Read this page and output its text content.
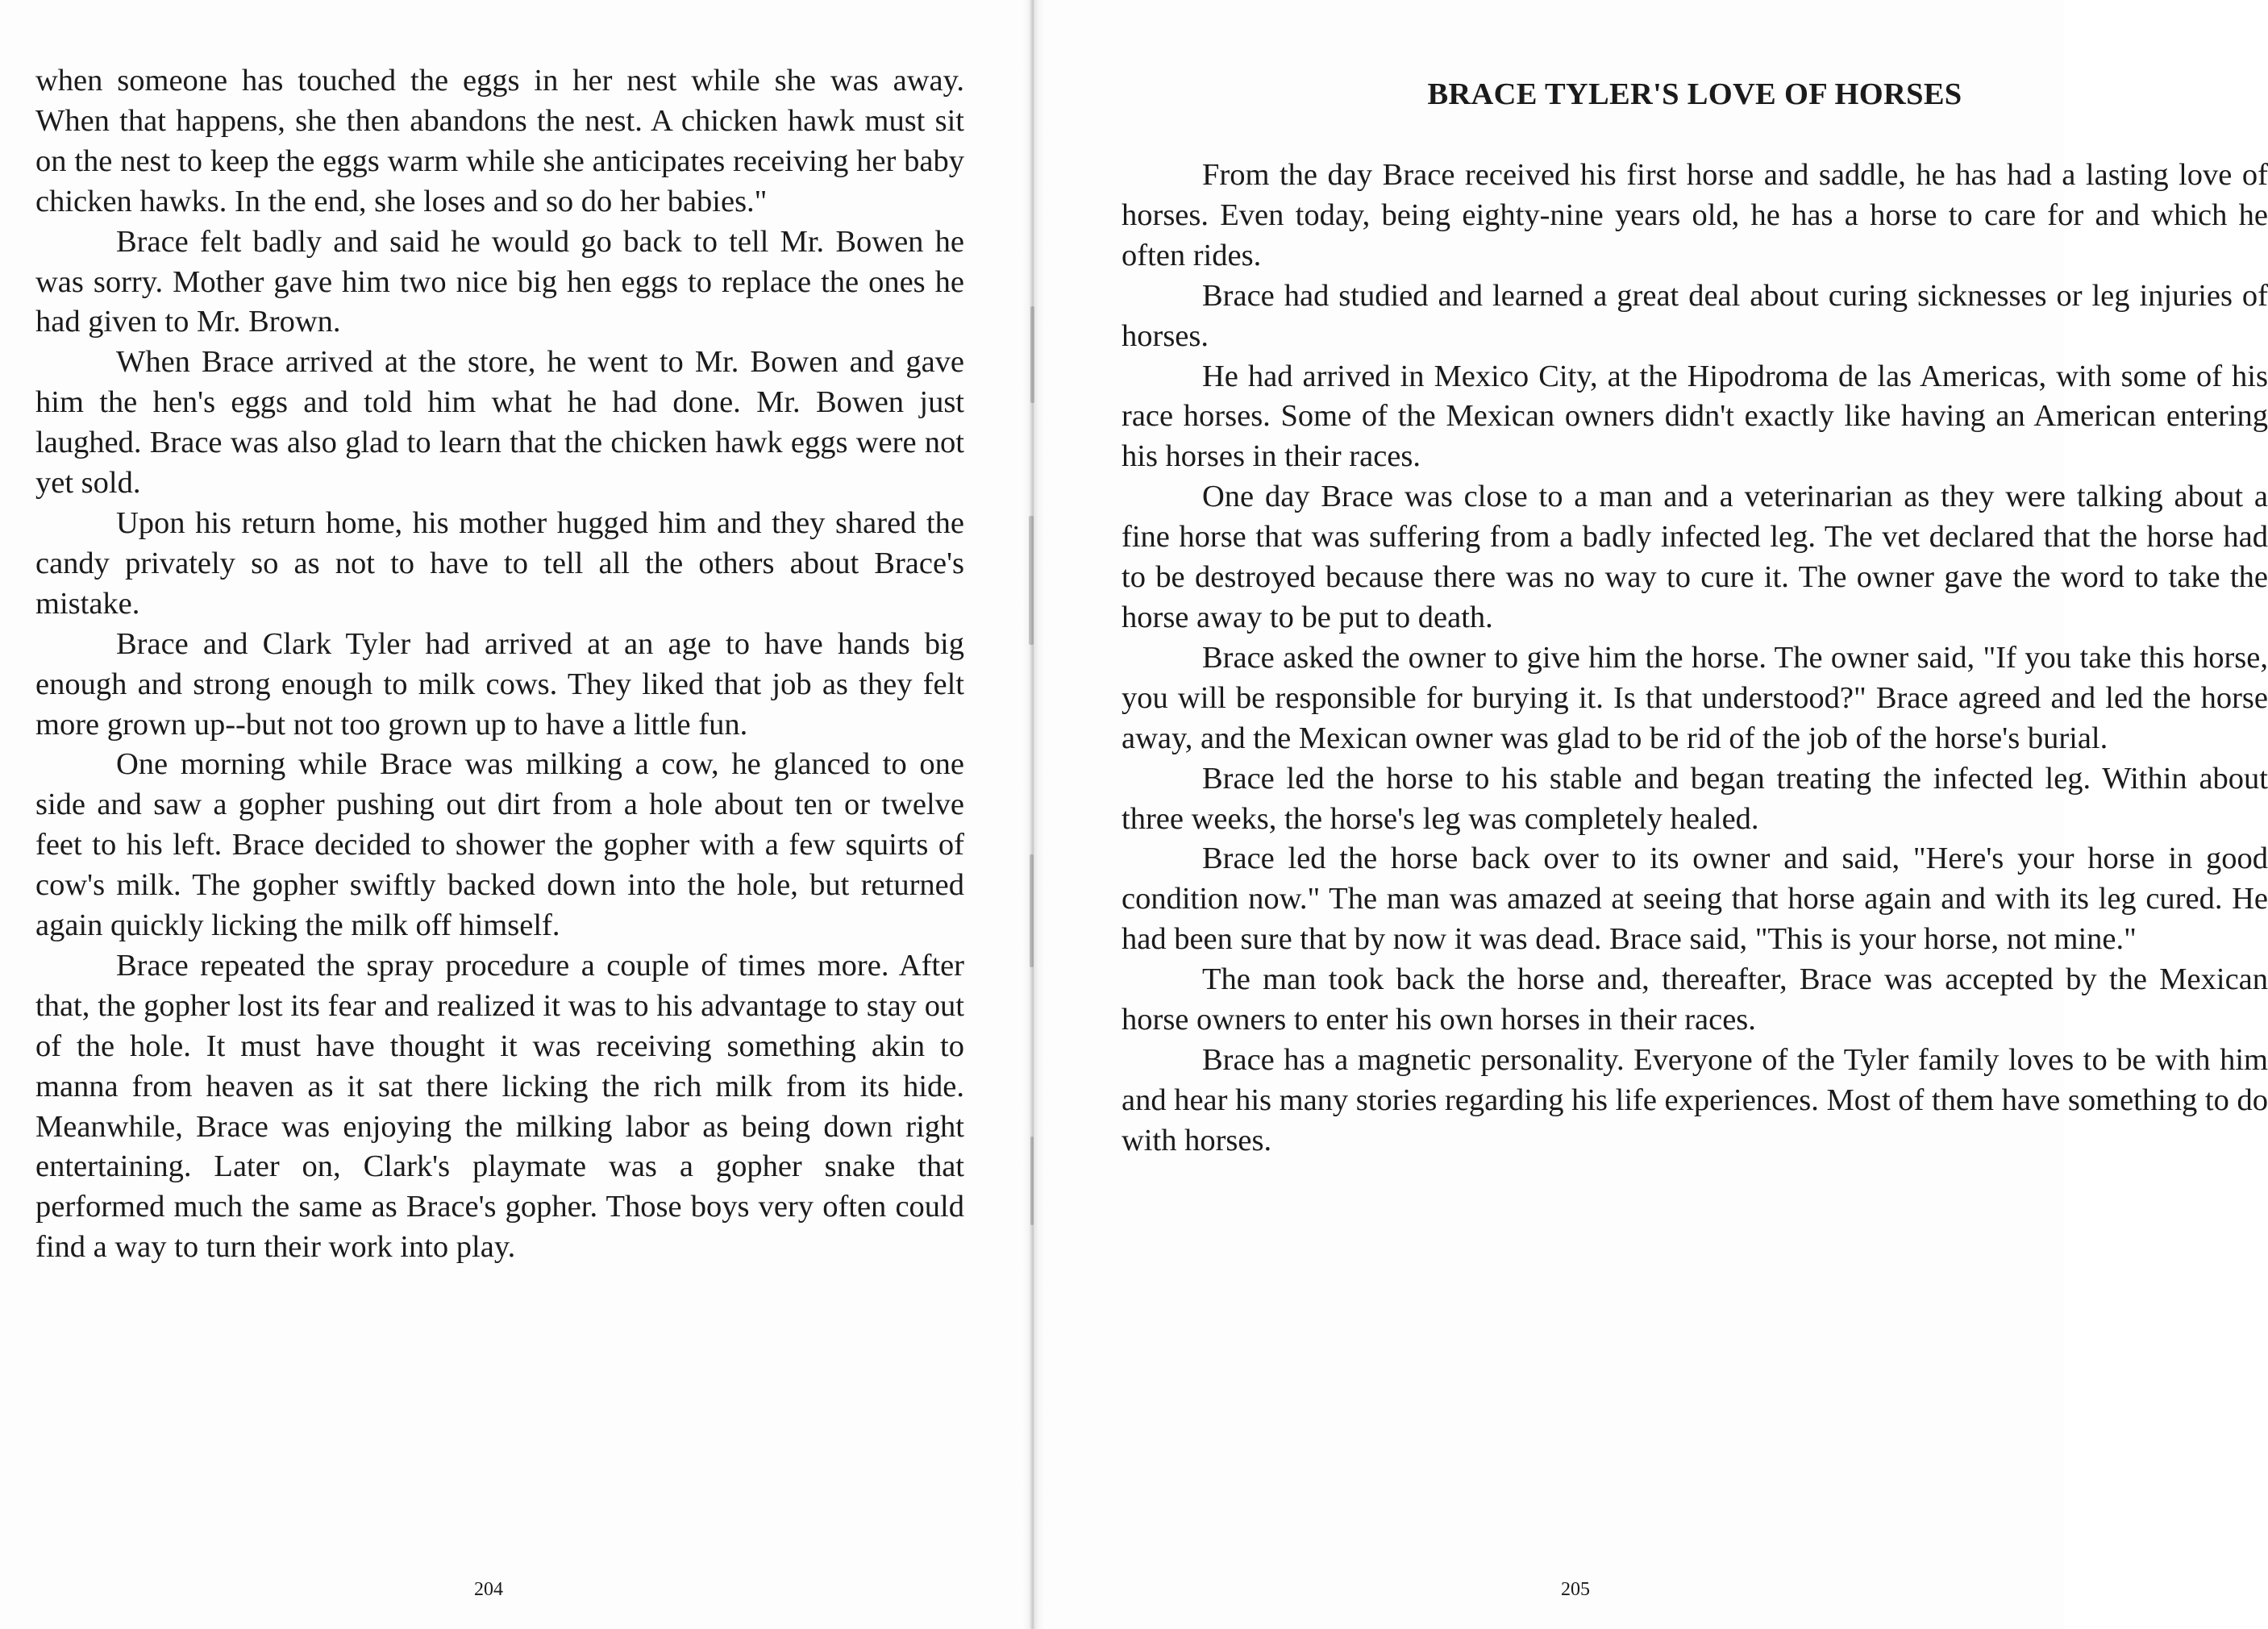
when someone has touched the eggs in her nest while she was away. When that happens, she then abandons the nest. A chicken hawk must sit on the nest to keep the eggs warm while she anticipates receiving her baby chicken hawks. In the end, she loses and so do her babies."

Brace felt badly and said he would go back to tell Mr. Bowen he was sorry. Mother gave him two nice big hen eggs to replace the ones he had given to Mr. Brown.

When Brace arrived at the store, he went to Mr. Bowen and gave him the hen's eggs and told him what he had done. Mr. Bowen just laughed. Brace was also glad to learn that the chicken hawk eggs were not yet sold.

Upon his return home, his mother hugged him and they shared the candy privately so as not to have to tell all the others about Brace's mistake.

Brace and Clark Tyler had arrived at an age to have hands big enough and strong enough to milk cows. They liked that job as they felt more grown up--but not too grown up to have a little fun.

One morning while Brace was milking a cow, he glanced to one side and saw a gopher pushing out dirt from a hole about ten or twelve feet to his left. Brace decided to shower the gopher with a few squirts of cow's milk. The gopher swiftly backed down into the hole, but returned again quickly licking the milk off himself.

Brace repeated the spray procedure a couple of times more. After that, the gopher lost its fear and realized it was to his advantage to stay out of the hole. It must have thought it was receiving something akin to manna from heaven as it sat there licking the rich milk from its hide. Meanwhile, Brace was enjoying the milking labor as being down right entertaining. Later on, Clark's playmate was a gopher snake that performed much the same as Brace's gopher. Those boys very often could find a way to turn their work into play.

204
BRACE TYLER'S LOVE OF HORSES

From the day Brace received his first horse and saddle, he has had a lasting love of horses. Even today, being eighty-nine years old, he has a horse to care for and which he often rides.

Brace had studied and learned a great deal about curing sicknesses or leg injuries of horses.

He had arrived in Mexico City, at the Hipodroma de las Americas, with some of his race horses. Some of the Mexican owners didn't exactly like having an American entering his horses in their races.

One day Brace was close to a man and a veterinarian as they were talking about a fine horse that was suffering from a badly infected leg. The vet declared that the horse had to be destroyed because there was no way to cure it. The owner gave the word to take the horse away to be put to death.

Brace asked the owner to give him the horse. The owner said, "If you take this horse, you will be responsible for burying it. Is that understood?" Brace agreed and led the horse away, and the Mexican owner was glad to be rid of the job of the horse's burial.

Brace led the horse to his stable and began treating the infected leg. Within about three weeks, the horse's leg was completely healed.

Brace led the horse back over to its owner and said, "Here's your horse in good condition now." The man was amazed at seeing that horse again and with its leg cured. He had been sure that by now it was dead. Brace said, "This is your horse, not mine."

The man took back the horse and, thereafter, Brace was accepted by the Mexican horse owners to enter his own horses in their races.

Brace has a magnetic personality. Everyone of the Tyler family loves to be with him and hear his many stories regarding his life experiences. Most of them have something to do with horses.

205
